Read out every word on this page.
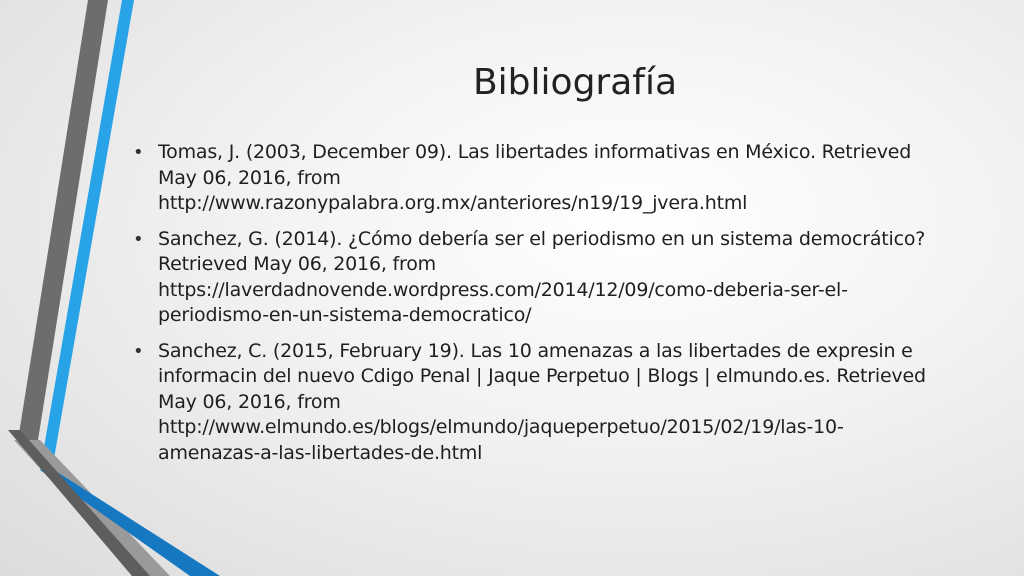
Bibliografía
• Tomas, J. (2003, December 09). Las libertades informativas en México. Retrieved
May 06, 2016, from
http://www.razonypalabra.org.mx/anteriores/n19/19_jvera.html
• Sanchez, G. (2014). ¿Cómo debería ser el periodismo en un sistema democrático?
Retrieved May 06, 2016, from
https://laverdadnovende.wordpress.com/2014/12/09/como-deberia-ser-el-
periodismo-en-un-sistema-democratico/
• Sanchez, C. (2015, February 19). Las 10 amenazas a las libertades de expresin e
informacin del nuevo Cdigo Penal | Jaque Perpetuo | Blogs | elmundo.es. Retrieved
May 06, 2016, from
http://www.elmundo.es/blogs/elmundo/jaqueperpetuo/2015/02/19/las-10-
amenazas-a-las-libertades-de.html
